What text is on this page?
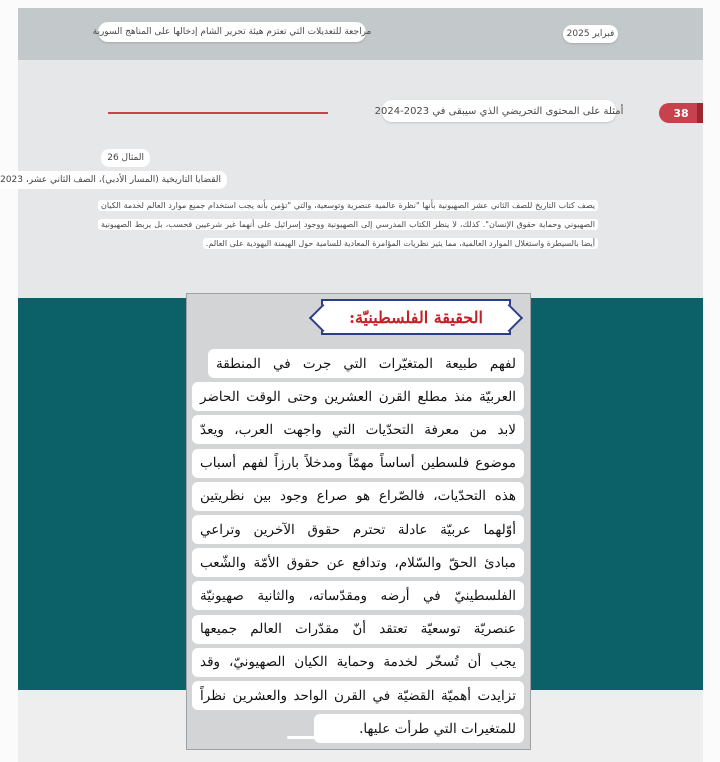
مراجعة للتعديلات التي تعتزم هيئة تحرير الشام إدخالها على المناهج السورية	فبراير 2025
أمثلة على المحتوى التحريضي الذي سيبقى في 2023-2024	38
المثال 26
القضايا التاريخية (المسار الأدبي)، الصف الثاني عشر، 2023
يصف كتاب التاريخ للصف الثاني عشر الصهيونية بأنها "نظرة عالمية عنصرية وتوسعية، والتي "تؤمن بأنه يجب استخدام جميع موارد العالم لخدمة الكيان الصهيوني وحماية حقوق الإنسان". كذلك، لا ينظر الكتاب المدرسي إلى الصهيونية ووجود إسرائيل على أنهما غير شرعيين فحسب، بل يربط الصهيونية أيضا بالسيطرة واستغلال الموارد العالمية، مما يثير نظريات المؤامرة المعادية للسامية حول الهيمنة اليهودية على العالم.
الحقيقة الفلسطينيّة:
لفهم طبيعة المتغيّرات التي جرت في المنطقة
العربيّة منذ مطلع القرن العشرين وحتى الوقت الحاضر
لابد من معرفة التحدّيات التي واجهت العرب، ويعدّ
موضوع فلسطين أساساً مهمّاً ومدخلاً بارزاً لفهم أسباب
هذه التحدّيات، فالصّراع هو صراع وجود بين نظريتين
أوّلهما عربيّة عادلة تحترم حقوق الآخرين وتراعي
مبادئ الحقّ والسّلام، وتدافع عن حقوق الأمّة والشّعب
الفلسطينيّ في أرضه ومقدّساته، والثانية صهيونيّة
عنصريّة توسعيّة تعتقد أنّ مقدّرات العالم جميعها
يجب أن تُسخّر لخدمة وحماية الكيان الصهيونيّ، وقد
تزايدت أهميّة القضيّة في القرن الواحد والعشرين نظراً
للمتغيرات التي طرأت عليها.
